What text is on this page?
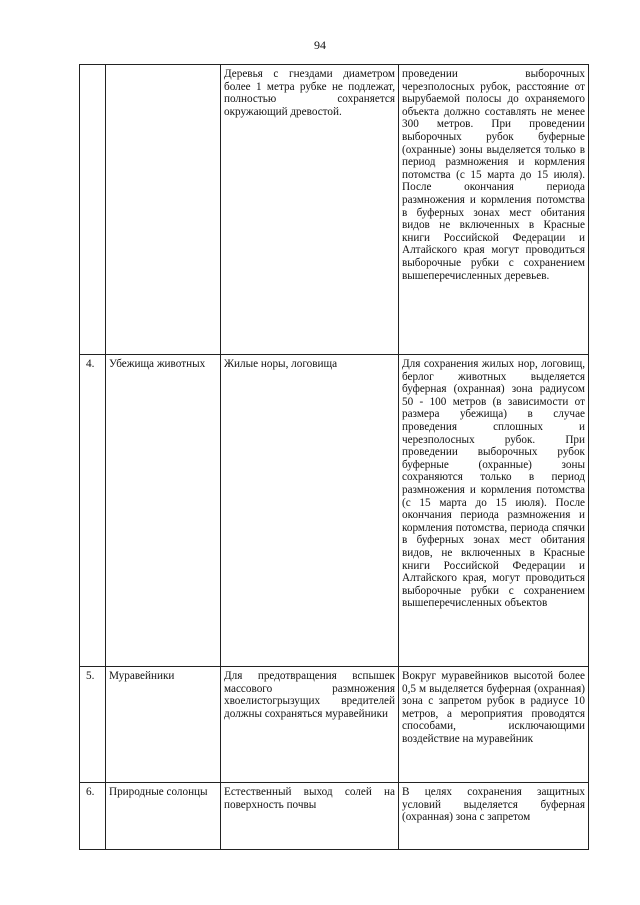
94
		Деревья с гнездами диаметром более 1 метра рубке не подлежат, полностью сохраняется окружающий древостой.	проведении выборочных черезполосных рубок, расстояние от вырубаемой полосы до охраняемого объекта должно составлять не менее 300 метров. При проведении выборочных рубок буферные (охранные) зоны выделяется только в период размножения и кормления потомства (с 15 марта до 15 июля). После окончания периода размножения и кормления потомства в буферных зонах мест обитания видов не включенных в Красные книги Российской Федерации и Алтайского края могут проводиться выборочные рубки с сохранением вышеперечисленных деревьев.
4.	Убежища животных	Жилые норы, логовища	Для сохранения жилых нор, логовищ, берлог животных выделяется буферная (охранная) зона радиусом 50 - 100 метров (в зависимости от размера убежища) в случае проведения сплошных и черезполосных рубок. При проведении выборочных рубок буферные (охранные) зоны сохраняются только в период размножения и кормления потомства (с 15 марта до 15 июля). После окончания периода размножения и кормления потомства, периода спячки в буферных зонах мест обитания видов, не включенных в Красные книги Российской Федерации и Алтайского края, могут проводиться выборочные рубки с сохранением вышеперечисленных объектов
5.	Муравейники	Для предотвращения вспышек массового размножения хвоелистогрызущих вредителей должны сохраняться муравейники	Вокруг муравейников высотой более 0,5 м выделяется буферная (охранная) зона с запретом рубок в радиусе 10 метров, а мероприятия проводятся способами, исключающими воздействие на муравейник
6.	Природные солонцы	Естественный выход солей на поверхность почвы	В целях сохранения защитных условий выделяется буферная (охранная) зона с запретом
